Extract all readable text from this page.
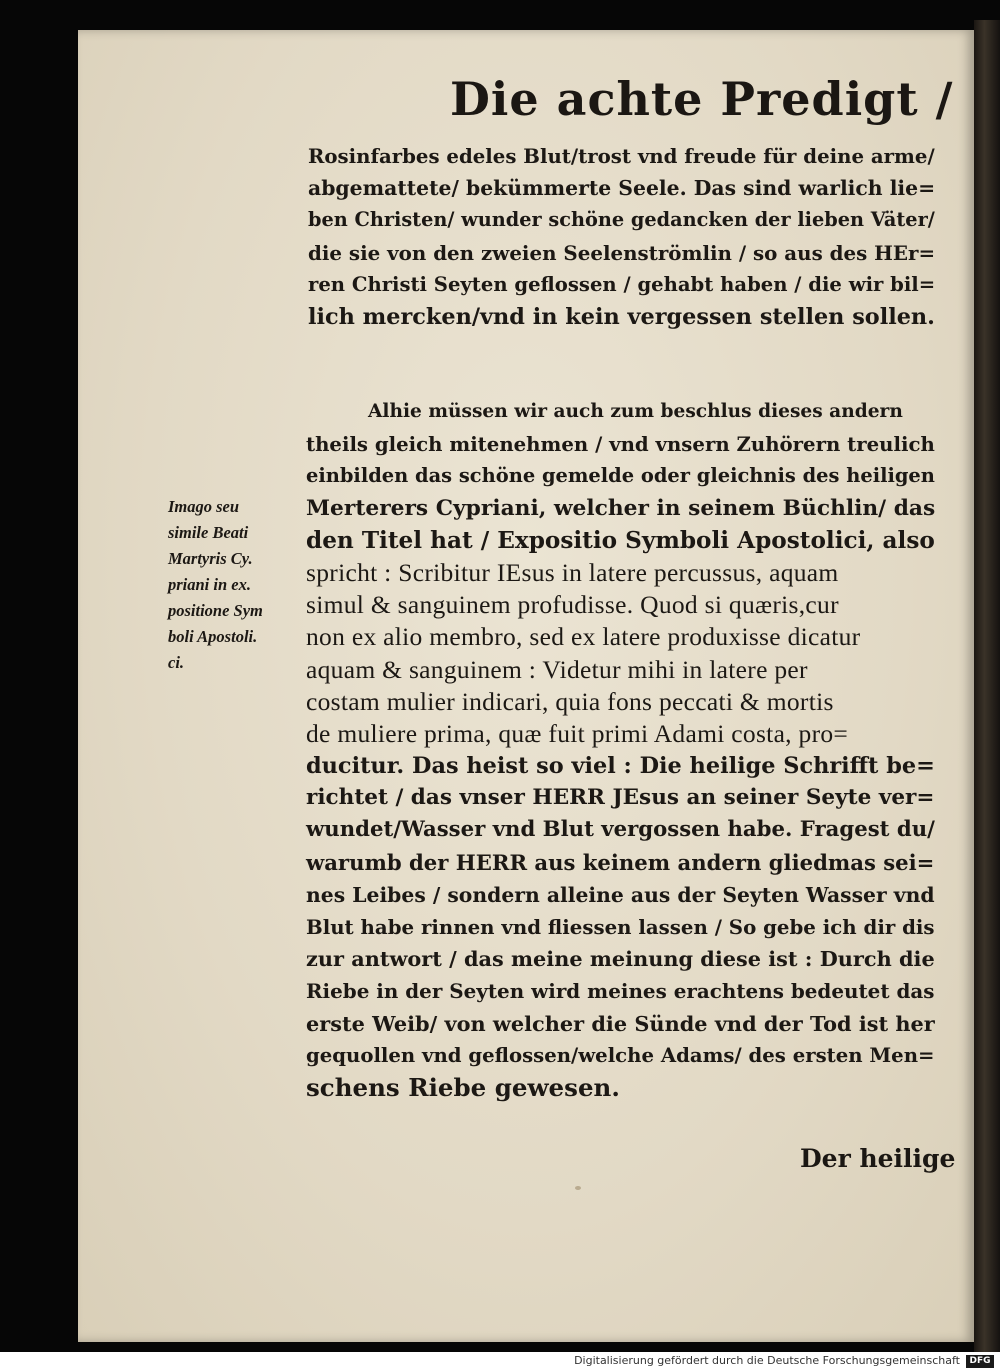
Die achte Predigt /
Rosinfarbes edeles Blut/trost vnd freude für deine arme/
abgemattete/ bekümmerte Seele. Das sind warlich lie=
ben Christen/ wunder schöne gedancken der lieben Väter/
die sie von den zweien Seelenströmlin / so aus des HEr=
ren Christi Seyten geflossen / gehabt haben / die wir bil=
lich mercken/vnd in kein vergessen stellen sollen.
Imago seu
simile Beati
Martyris Cy.
priani in ex.
positione Sym
boli Apostoli.
ci.
Alhie müssen wir auch zum beschlus dieses andern
theils gleich mitenehmen / vnd vnsern Zuhörern treulich
einbilden das schöne gemelde oder gleichnis des heiligen
Merterers Cypriani, welcher in seinem Büchlin/ das
den Titel hat / Expositio Symboli Apostolici, also
spricht : Scribitur IEsus in latere percussus, aquam
simul & sanguinem profudisse. Quod si quæris,cur
non ex alio membro, sed ex latere produxisse dicatur
aquam & sanguinem : Videtur mihi in latere per
costam mulier indicari, quia fons peccati & mortis
de muliere prima, quæ fuit primi Adami costa, pro=
ducitur. Das heist so viel : Die heilige Schrifft be=
richtet / das vnser HERR JEsus an seiner Seyte ver=
wundet/Wasser vnd Blut vergossen habe. Fragest du/
warumb der HERR aus keinem andern gliedmas sei=
nes Leibes / sondern alleine aus der Seyten Wasser vnd
Blut habe rinnen vnd fliessen lassen / So gebe ich dir dis
zur antwort / das meine meinung diese ist : Durch die
Riebe in der Seyten wird meines erachtens bedeutet das
erste Weib/ von welcher die Sünde vnd der Tod ist her
gequollen vnd geflossen/welche Adams/ des ersten Men=
schens Riebe gewesen.
Der heilige
Digitalisierung gefördert durch die Deutsche Forschungsgemeinschaft	DFG
